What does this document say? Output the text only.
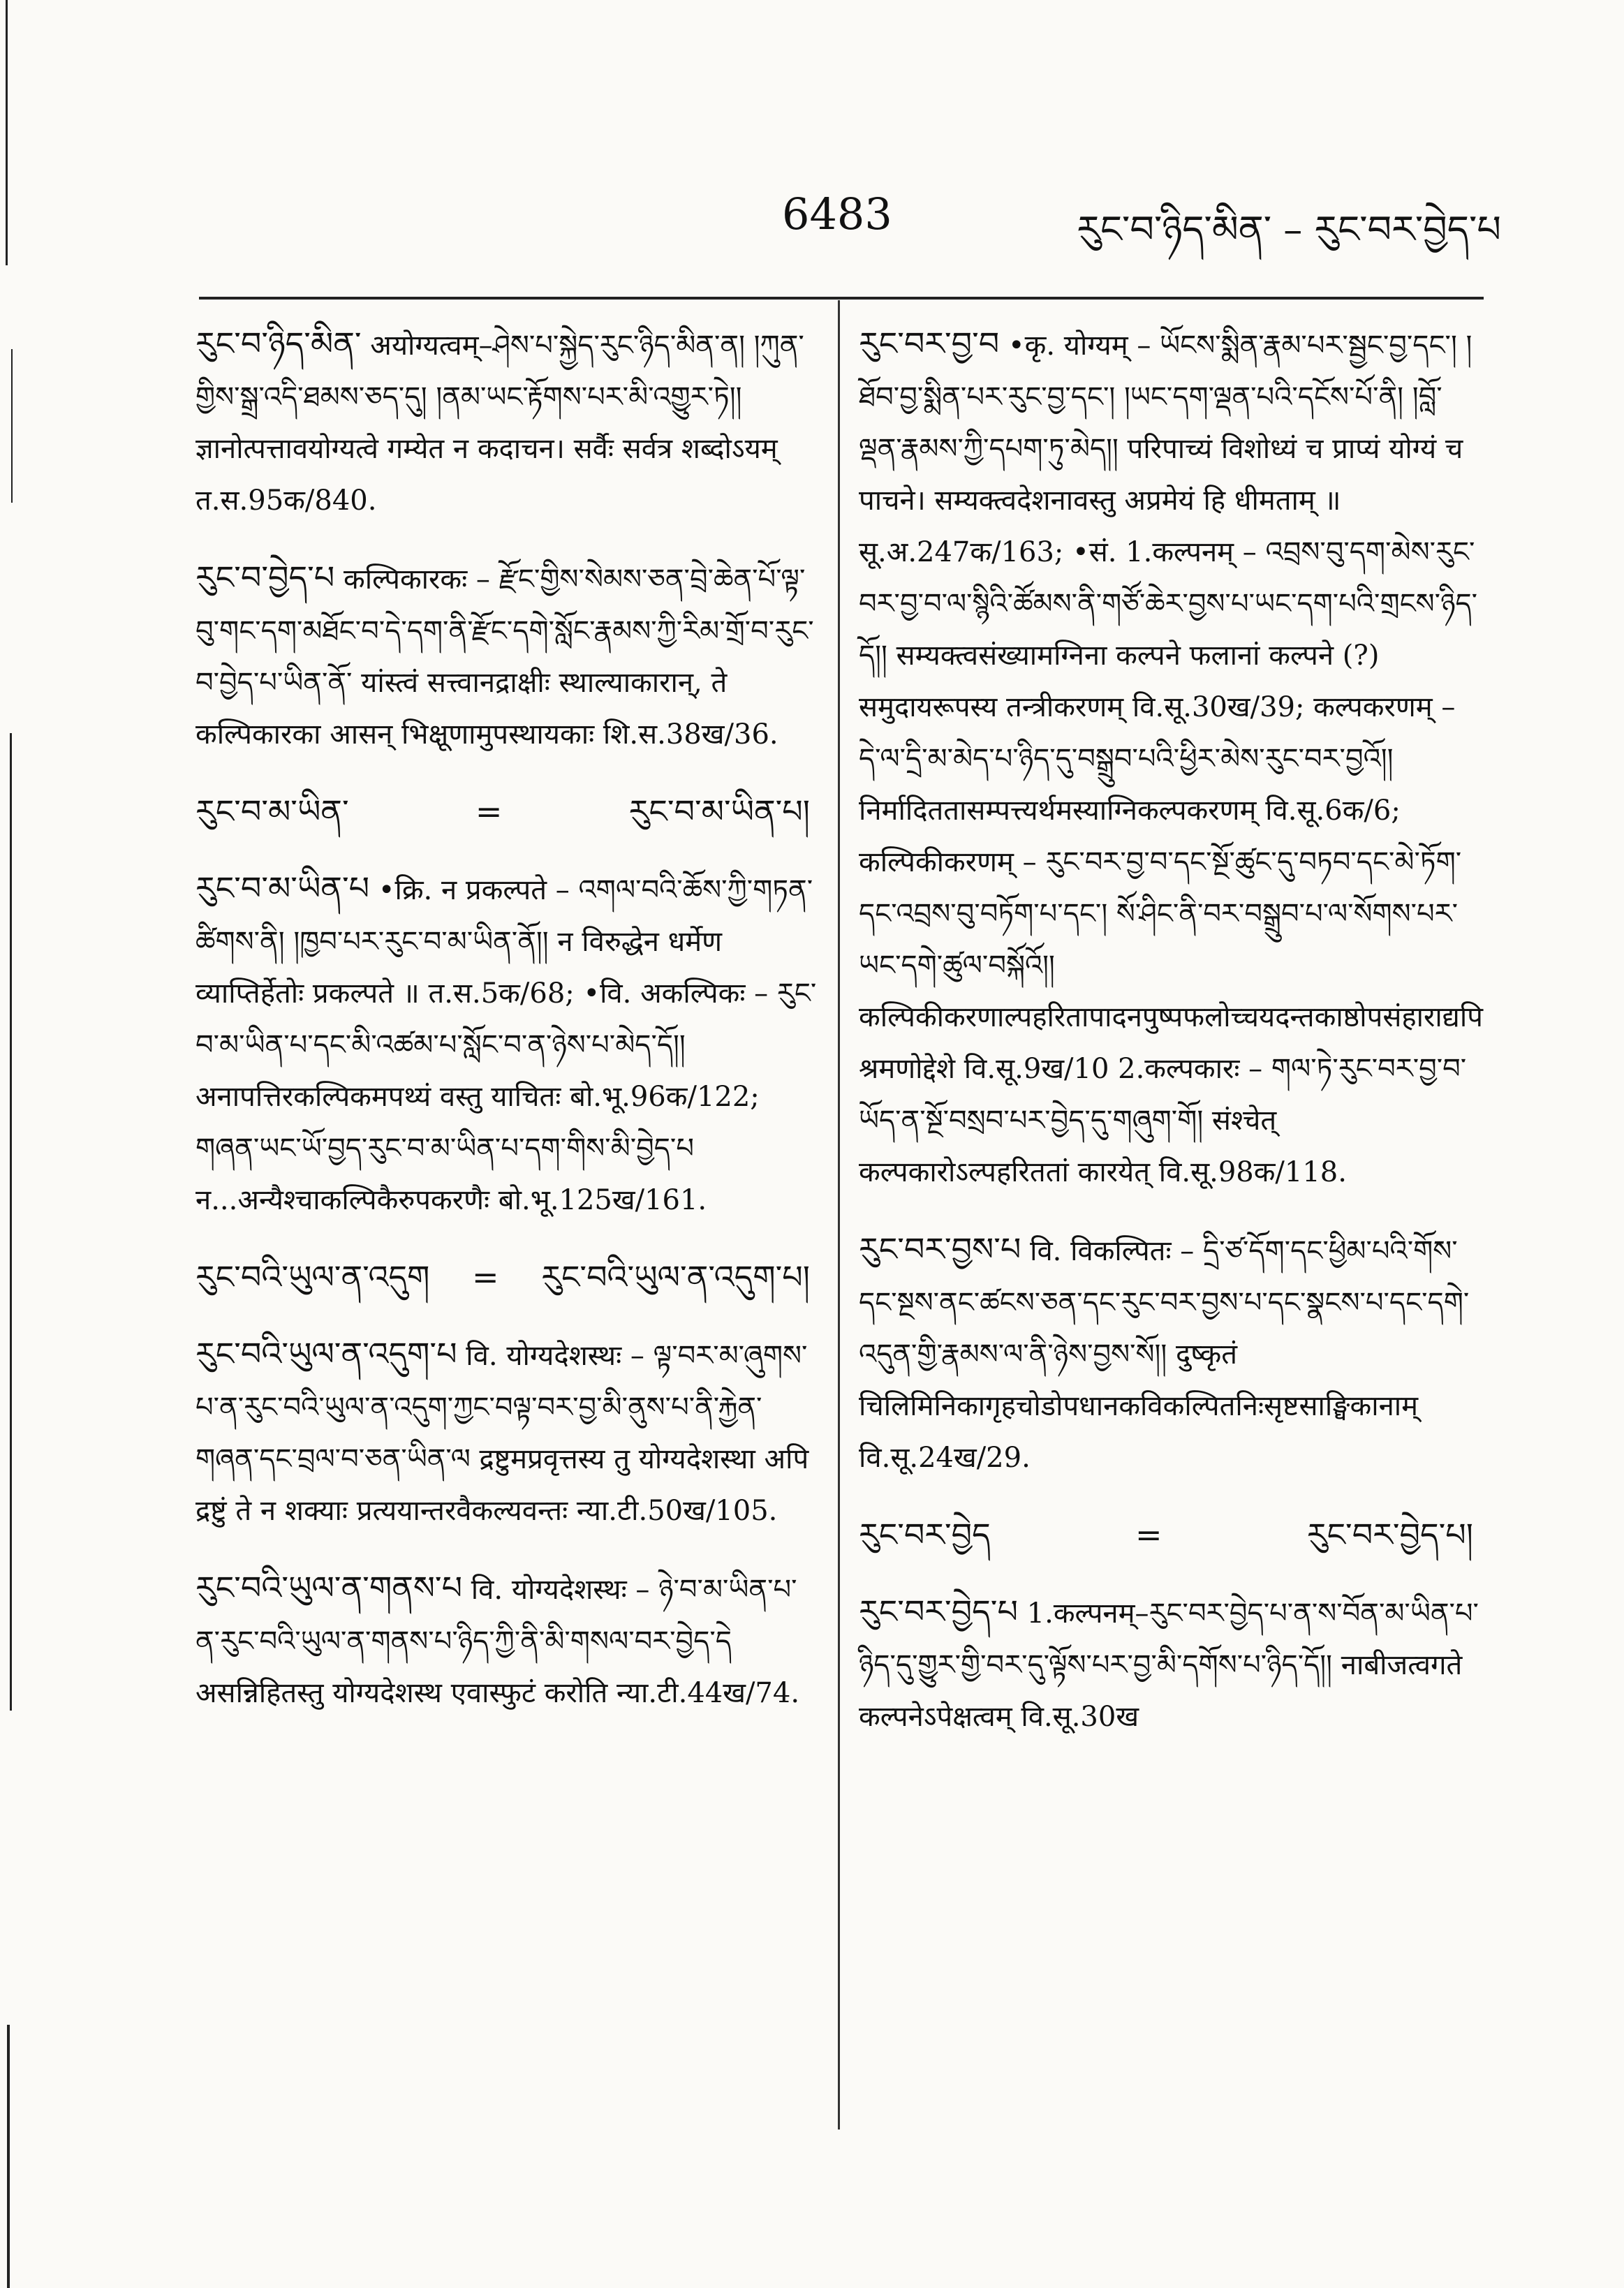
6483	རུང་བ་ཉིད་མིན་ – རུང་བར་བྱེད་པ

རུང་བ་ཉིད་མིན་ अयोग्यत्वम्–ཤེས་པ་སྐྱེད་རུང་ཉིད་མིན་ན། །ཀུན་གྱིས་སྒྲ་འདི་ཐམས་ཅད་དུ། །ནམ་ཡང་རྟོགས་པར་མི་འགྱུར་ཏེ།། ज्ञानोत्पत्तावयोग्यत्वे गम्येत न कदाचन। सर्वैः सर्वत्र शब्दोऽयम् त.स.95क/840.

རུང་བ་བྱེད་པ कल्पिकारकः – རྫོང་གྱིས་སེམས་ཅན་བྲེ་ཆེན་པོ་ལྟ་བུ་གང་དག་མཐོང་བ་དེ་དག་ནི་རྫོང་དགེ་སློང་རྣམས་ཀྱི་རིམ་གྲོ་བ་རུང་བ་བྱེད་པ་ཡིན་ནོ་ यांस्त्वं सत्त्वानद्राक्षीः स्थाल्याकारान्, ते कल्पिकारका आसन् भिक्षूणामुपस्थायकाः शि.स.38ख/36.

རུང་བ་མ་ཡིན་	=	རུང་བ་མ་ཡིན་པ།

རུང་བ་མ་ཡིན་པ •क्रि. न प्रकल्पते – འགལ་བའི་ཆོས་ཀྱི་གཏན་ཚིགས་ནི། །ཁྱབ་པར་རུང་བ་མ་ཡིན་ནོ།། न विरुद्धेन धर्मेण व्याप्तिर्हेतोः प्रकल्पते ॥ त.स.5क/68; •वि. अकल्पिकः – རུང་བ་མ་ཡིན་པ་དང་མི་འཚམ་པ་སློང་བ་ན་ཉེས་པ་མེད་དོ།། अनापत्तिरकल्पिकमपथ्यं वस्तु याचितः बो.भू.96क/122; གཞན་ཡང་ཡོ་བྱད་རུང་བ་མ་ཡིན་པ་དག་གིས་མི་བྱེད་པ न...अन्यैश्चाकल्पिकैरुपकरणैः बो.भू.125ख/161.

རུང་བའི་ཡུལ་ན་འདུག = རུང་བའི་ཡུལ་ན་འདུག་པ།

རུང་བའི་ཡུལ་ན་འདུག་པ वि. योग्यदेशस्थः – ལྟ་བར་མ་ཞུགས་པ་ན་རུང་བའི་ཡུལ་ན་འདུག་ཀྱང་བལྟ་བར་བྱ་མི་ནུས་པ་ནི་རྐྱེན་གཞན་དང་བྲལ་བ་ཅན་ཡིན་ལ द्रष्टुमप्रवृत्तस्य तु योग्यदेशस्था अपि द्रष्टुं ते न शक्याः प्रत्ययान्तरवैकल्यवन्तः न्या.टी.50ख/105.

རུང་བའི་ཡུལ་ན་གནས་པ वि. योग्यदेशस्थः – ཉེ་བ་མ་ཡིན་པ་ན་རུང་བའི་ཡུལ་ན་གནས་པ་ཉིད་ཀྱི་ནི་མི་གསལ་བར་བྱེད་དེ असन्निहितस्तु योग्यदेशस्थ एवास्फुटं करोति न्या.टी.44ख/74.

རུང་བར་བྱ་བ •कृ. योग्यम् – ཡོངས་སྨིན་རྣམ་པར་སྦྱང་བྱ་དང་། །ཐོབ་བྱ་སྨིན་པར་རུང་བྱ་དང་། །ཡང་དག་ལྡན་པའི་དངོས་པོ་ནི། །བློ་ལྡན་རྣམས་ཀྱི་དཔག་ཏུ་མེད།། परिपाच्यं विशोध्यं च प्राप्यं योग्यं च पाचने। सम्यक्त्वदेशनावस्तु अप्रमेयं हि धीमताम् ॥ सू.अ.247क/163; •सं. 1.कल्पनम् – འབྲས་བུ་དག་མེས་རུང་བར་བྱ་བ་ལ་སྙིའི་ཚོམས་ནི་གཙོ་ཆེར་བྱས་པ་ཡང་དག་པའི་གྲངས་ཉིད་དོ།། सम्यक्त्वसंख्यामग्निना कल्पने फलानां कल्पने (?) समुदायरूपस्य तन्त्रीकरणम् वि.सू.30ख/39; कल्पकरणम् – དེ་ལ་དྲི་མ་མེད་པ་ཉིད་དུ་བསྒྲུབ་པའི་ཕྱིར་མེས་རུང་བར་བྱའོ།། निर्मादिततासम्पत्त्यर्थमस्याग्निकल्पकरणम् वि.सू.6क/6; कल्पिकीकरणम् – རུང་བར་བྱ་བ་དང་སྔོ་ཚུང་དུ་བཏབ་དང་མེ་ཏོག་དང་འབྲས་བུ་བཏོག་པ་དང་། སོ་ཤིང་ནི་བར་བསྒྲུབ་པ་ལ་སོགས་པར་ཡང་དགེ་ཚུལ་བསྐོའོ།། कल्पिकीकरणाल्पहरितापादनपुष्पफलोच्चयदन्तकाष्ठोपसंहाराद्यपि श्रमणोद्देशे वि.सू.9ख/10 2.कल्पकारः – གལ་ཏེ་རུང་བར་བྱ་བ་ཡོད་ན་སྔོ་བསྲབ་པར་བྱེད་དུ་གཞུག་གོ། संश्चेत् कल्पकारोऽल्पहरिततां कारयेत् वि.सू.98क/118.

རུང་བར་བྱས་པ वि. विकल्पितः – དྲི་ཙ་དོག་དང་ཕྱིམ་པའི་གོས་དང་སྔས་ནང་ཚངས་ཅན་དང་རུང་བར་བྱས་པ་དང་སྣངས་པ་དང་དགེ་འདུན་གྱི་རྣམས་ལ་ནི་ཉེས་བྱས་སོ།། दुष्कृतं चिलिमिनिकागृहचोडोपधानकविकल्पितनिःसृष्टसाङ्घिकानाम् वि.सू.24ख/29.

རུང་བར་བྱེད	=	རུང་བར་བྱེད་པ།

རུང་བར་བྱེད་པ 1.कल्पनम्–རུང་བར་བྱེད་པ་ན་ས་བོན་མ་ཡིན་པ་ཉིད་དུ་གྱུར་གྱི་བར་དུ་ལྟོས་པར་བྱ་མི་དགོས་པ་ཉིད་དོ།། नाबीजत्वगते कल्पनेऽपेक्षत्वम् वि.सू.30ख
